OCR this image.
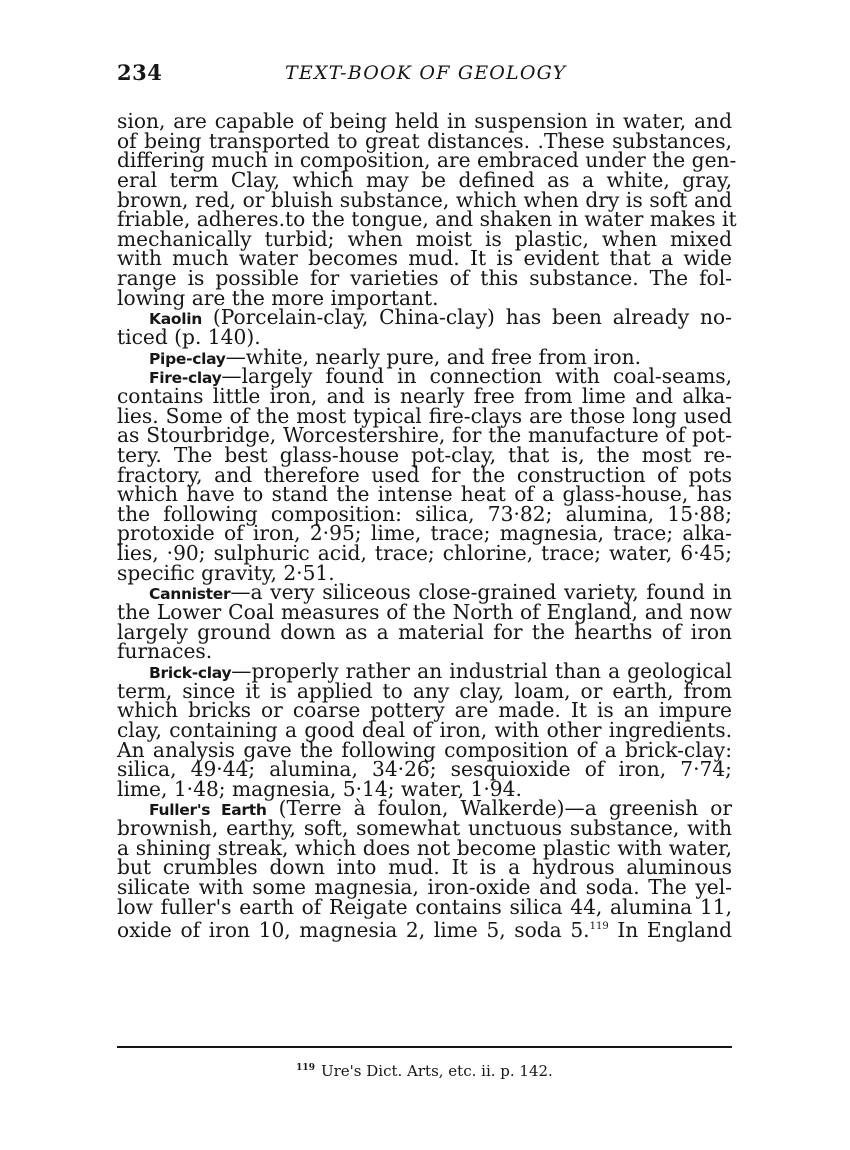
234	TEXT-BOOK OF GEOLOGY
sion, are capable of being held in suspension in water, and
of being transported to great distances. .These substances,
differing much in composition, are embraced under the gen-
eral term Clay, which may be defined as a white, gray,
brown, red, or bluish substance, which when dry is soft and
friable, adheres.to the tongue, and shaken in water makes it
mechanically turbid; when moist is plastic, when mixed
with much water becomes mud. It is evident that a wide
range is possible for varieties of this substance. The fol-
lowing are the more important.
Kaolin (Porcelain-clay, China-clay) has been already no-
ticed (p. 140).
Pipe-clay—white, nearly pure, and free from iron.
Fire-clay—largely found in connection with coal-seams,
contains little iron, and is nearly free from lime and alka-
lies. Some of the most typical fire-clays are those long used
as Stourbridge, Worcestershire, for the manufacture of pot-
tery. The best glass-house pot-clay, that is, the most re-
fractory, and therefore used for the construction of pots
which have to stand the intense heat of a glass-house, has
the following composition: silica, 73·82; alumina, 15·88;
protoxide of iron, 2·95; lime, trace; magnesia, trace; alka-
lies, ·90; sulphuric acid, trace; chlorine, trace; water, 6·45;
specific gravity, 2·51.
Cannister—a very siliceous close-grained variety, found in
the Lower Coal measures of the North of England, and now
largely ground down as a material for the hearths of iron
furnaces.
Brick-clay—properly rather an industrial than a geological
term, since it is applied to any clay, loam, or earth, from
which bricks or coarse pottery are made. It is an impure
clay, containing a good deal of iron, with other ingredients.
An analysis gave the following composition of a brick-clay:
silica, 49·44; alumina, 34·26; sesquioxide of iron, 7·74;
lime, 1·48; magnesia, 5·14; water, 1·94.
Fuller's Earth (Terre à foulon, Walkerde)—a greenish or
brownish, earthy, soft, somewhat unctuous substance, with
a shining streak, which does not become plastic with water,
but crumbles down into mud. It is a hydrous aluminous
silicate with some magnesia, iron-oxide and soda. The yel-
low fuller's earth of Reigate contains silica 44, alumina 11,
oxide of iron 10, magnesia 2, lime 5, soda 5.$^{119}$ In England
$^{119}$ Ure's Dict. Arts, etc. ii. p. 142.
